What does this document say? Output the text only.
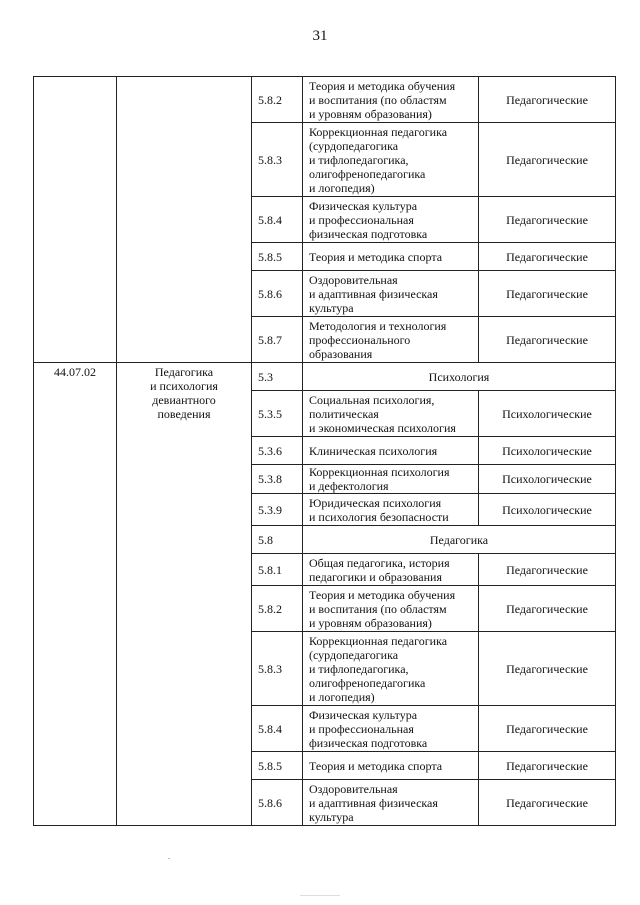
31
		5.8.2	Теория и методика обучения
и воспитания (по областям
и уровням образования)	Педагогические
		5.8.3	Коррекционная педагогика
(сурдопедагогика
и тифлопедагогика,
олигофренопедагогика
и логопедия)	Педагогические
		5.8.4	Физическая культура
и профессиональная
физическая подготовка	Педагогические
		5.8.5	Теория и методика спорта	Педагогические
		5.8.6	Оздоровительная
и адаптивная физическая
культура	Педагогические
		5.8.7	Методология и технология
профессионального
образования	Педагогические
44.07.02	Педагогика
и психология
девиантного
поведения	5.3	Психология	
		5.3.5	Социальная психология,
политическая
и экономическая психология	Психологические
		5.3.6	Клиническая психология	Психологические
		5.3.8	Коррекционная психология
и дефектология	Психологические
		5.3.9	Юридическая психология
и психология безопасности	Психологические
		5.8	Педагогика	
		5.8.1	Общая педагогика, история
педагогики и образования	Педагогические
		5.8.2	Теория и методика обучения
и воспитания (по областям
и уровням образования)	Педагогические
		5.8.3	Коррекционная педагогика
(сурдопедагогика
и тифлопедагогика,
олигофренопедагогика
и логопедия)	Педагогические
		5.8.4	Физическая культура
и профессиональная
физическая подготовка	Педагогические
		5.8.5	Теория и методика спорта	Педагогические
		5.8.6	Оздоровительная
и адаптивная физическая
культура	Педагогические
